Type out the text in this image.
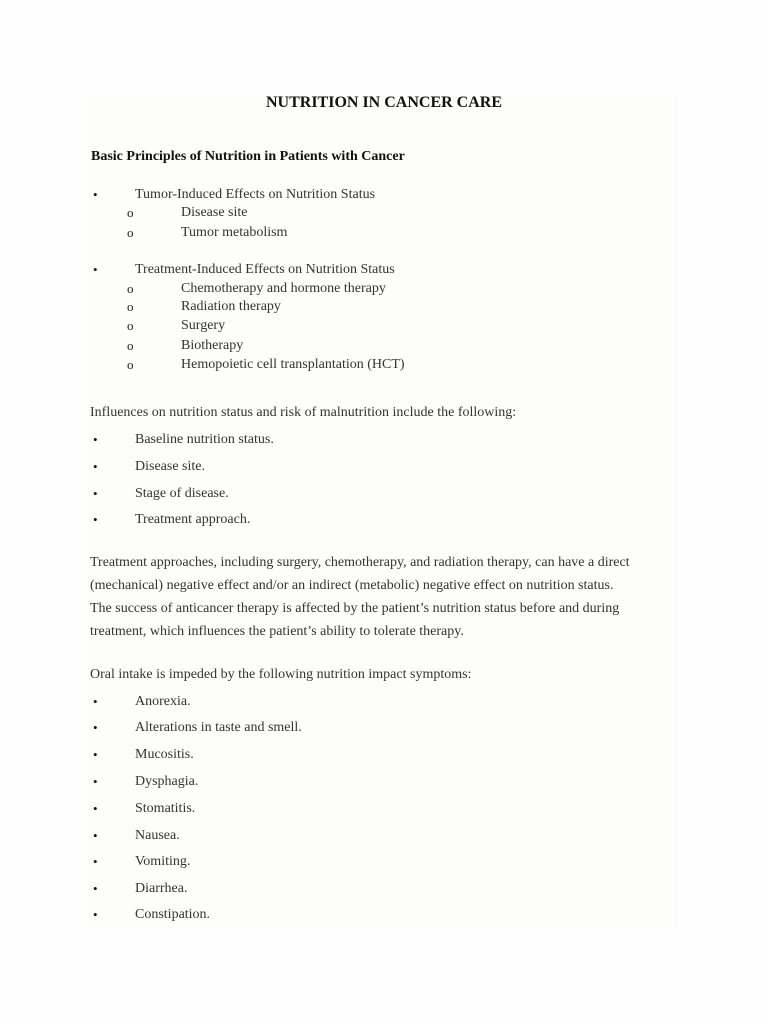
NUTRITION IN CANCER CARE
Basic Principles of Nutrition in Patients with Cancer
•	Tumor-Induced Effects on Nutrition Status
o	Disease site
o	Tumor metabolism
•	Treatment-Induced Effects on Nutrition Status
o	Chemotherapy and hormone therapy
o	Radiation therapy
o	Surgery
o	Biotherapy
o	Hemopoietic cell transplantation (HCT)
Influences on nutrition status and risk of malnutrition include the following:
•	Baseline nutrition status.
•	Disease site.
•	Stage of disease.
•	Treatment approach.
Treatment approaches, including surgery, chemotherapy, and radiation therapy, can have a direct
(mechanical) negative effect and/or an indirect (metabolic) negative effect on nutrition status.
The success of anticancer therapy is affected by the patient’s nutrition status before and during
treatment, which influences the patient’s ability to tolerate therapy.
Oral intake is impeded by the following nutrition impact symptoms:
•	Anorexia.
•	Alterations in taste and smell.
•	Mucositis.
•	Dysphagia.
•	Stomatitis.
•	Nausea.
•	Vomiting.
•	Diarrhea.
•	Constipation.
